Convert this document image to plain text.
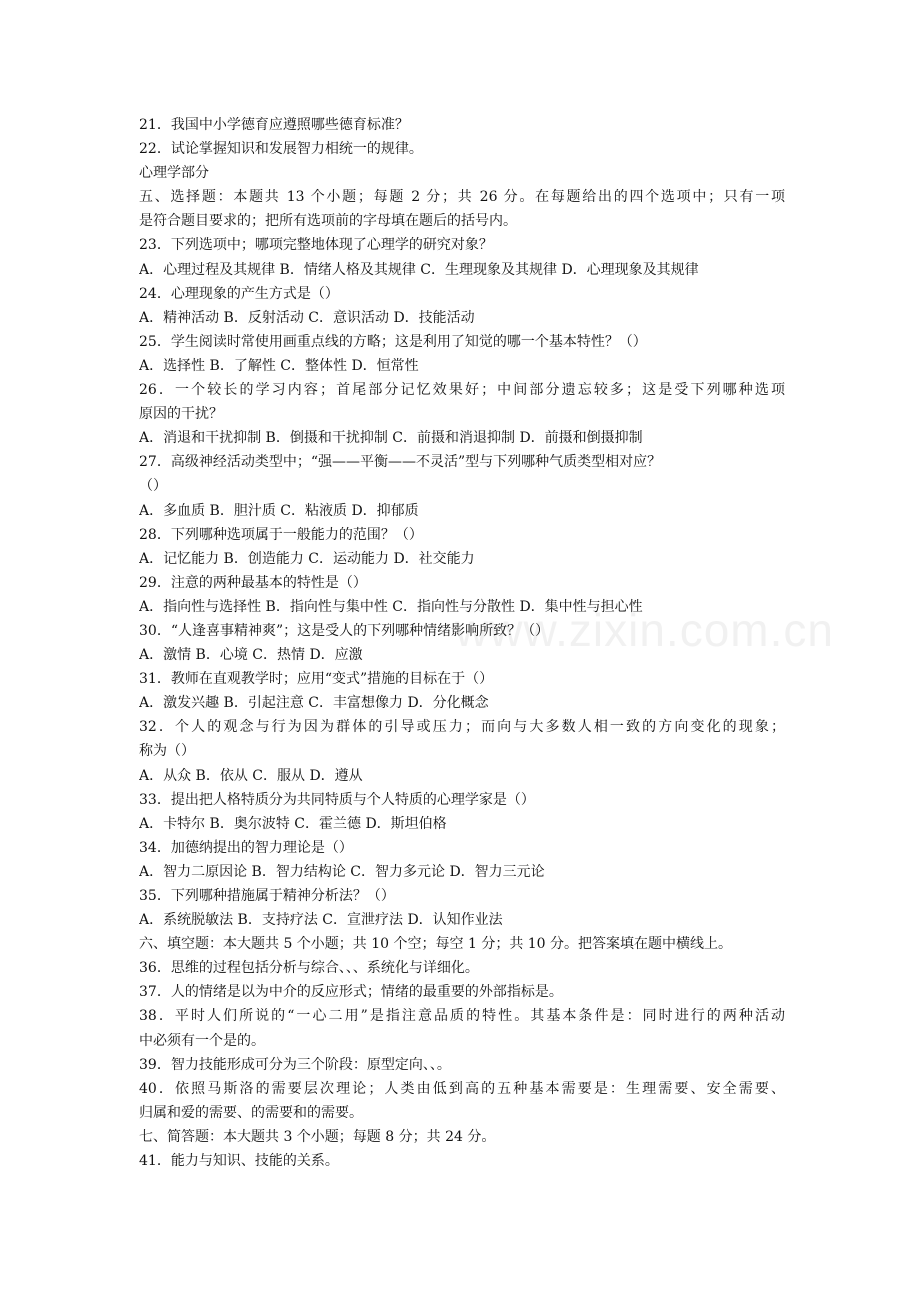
www.zixin.com.cn
21．我国中小学德育应遵照哪些德育标准？
22．试论掌握知识和发展智力相统一的规律。
心理学部分
五、选择题：本题共 13 个小题；每题 2 分；共 26 分。在每题给出的四个选项中；只有一项
是符合题目要求的；把所有选项前的字母填在题后的括号内。
23．下列选项中；哪项完整地体现了心理学的研究对象？
A．心理过程及其规律 B．情绪人格及其规律 C．生理现象及其规律 D．心理现象及其规律
24．心理现象的产生方式是（）
A．精神活动 B．反射活动 C．意识活动 D．技能活动
25．学生阅读时常使用画重点线的方略；这是利用了知觉的哪一个基本特性？（）
A．选择性 B．了解性 C．整体性 D．恒常性
26．一个较长的学习内容；首尾部分记忆效果好；中间部分遗忘较多；这是受下列哪种选项
原因的干扰？
A．消退和干扰抑制 B．倒摄和干扰抑制 C．前摄和消退抑制 D．前摄和倒摄抑制
27．高级神经活动类型中；“强——平衡——不灵活”型与下列哪种气质类型相对应？
（）
A．多血质 B．胆汁质 C．粘液质 D．抑郁质
28．下列哪种选项属于一般能力的范围？（）
A．记忆能力 B．创造能力 C．运动能力 D．社交能力
29．注意的两种最基本的特性是（）
A．指向性与选择性 B．指向性与集中性 C．指向性与分散性 D．集中性与担心性
30．“人逢喜事精神爽”；这是受人的下列哪种情绪影响所致？（）
A．激情 B．心境 C．热情 D．应激
31．教师在直观教学时；应用“变式”措施的目标在于（）
A．激发兴趣 B．引起注意 C．丰富想像力 D．分化概念
32．个人的观念与行为因为群体的引导或压力；而向与大多数人相一致的方向变化的现象；
称为（）
A．从众 B．依从 C．服从 D．遵从
33．提出把人格特质分为共同特质与个人特质的心理学家是（）
A．卡特尔 B．奥尔波特 C．霍兰德 D．斯坦伯格
34．加德纳提出的智力理论是（）
A．智力二原因论 B．智力结构论 C．智力多元论 D．智力三元论
35．下列哪种措施属于精神分析法？（）
A．系统脱敏法 B．支持疗法 C．宣泄疗法 D．认知作业法
六、填空题：本大题共 5 个小题；共 10 个空；每空 1 分；共 10 分。把答案填在题中横线上。
36．思维的过程包括分析与综合、、、系统化与详细化。
37．人的情绪是以为中介的反应形式；情绪的最重要的外部指标是。
38．平时人们所说的“一心二用”是指注意品质的特性。其基本条件是：同时进行的两种活动
中必须有一个是的。
39．智力技能形成可分为三个阶段：原型定向、、。
40．依照马斯洛的需要层次理论；人类由低到高的五种基本需要是：生理需要、安全需要、
归属和爱的需要、的需要和的需要。
七、简答题：本大题共 3 个小题；每题 8 分；共 24 分。
41．能力与知识、技能的关系。
